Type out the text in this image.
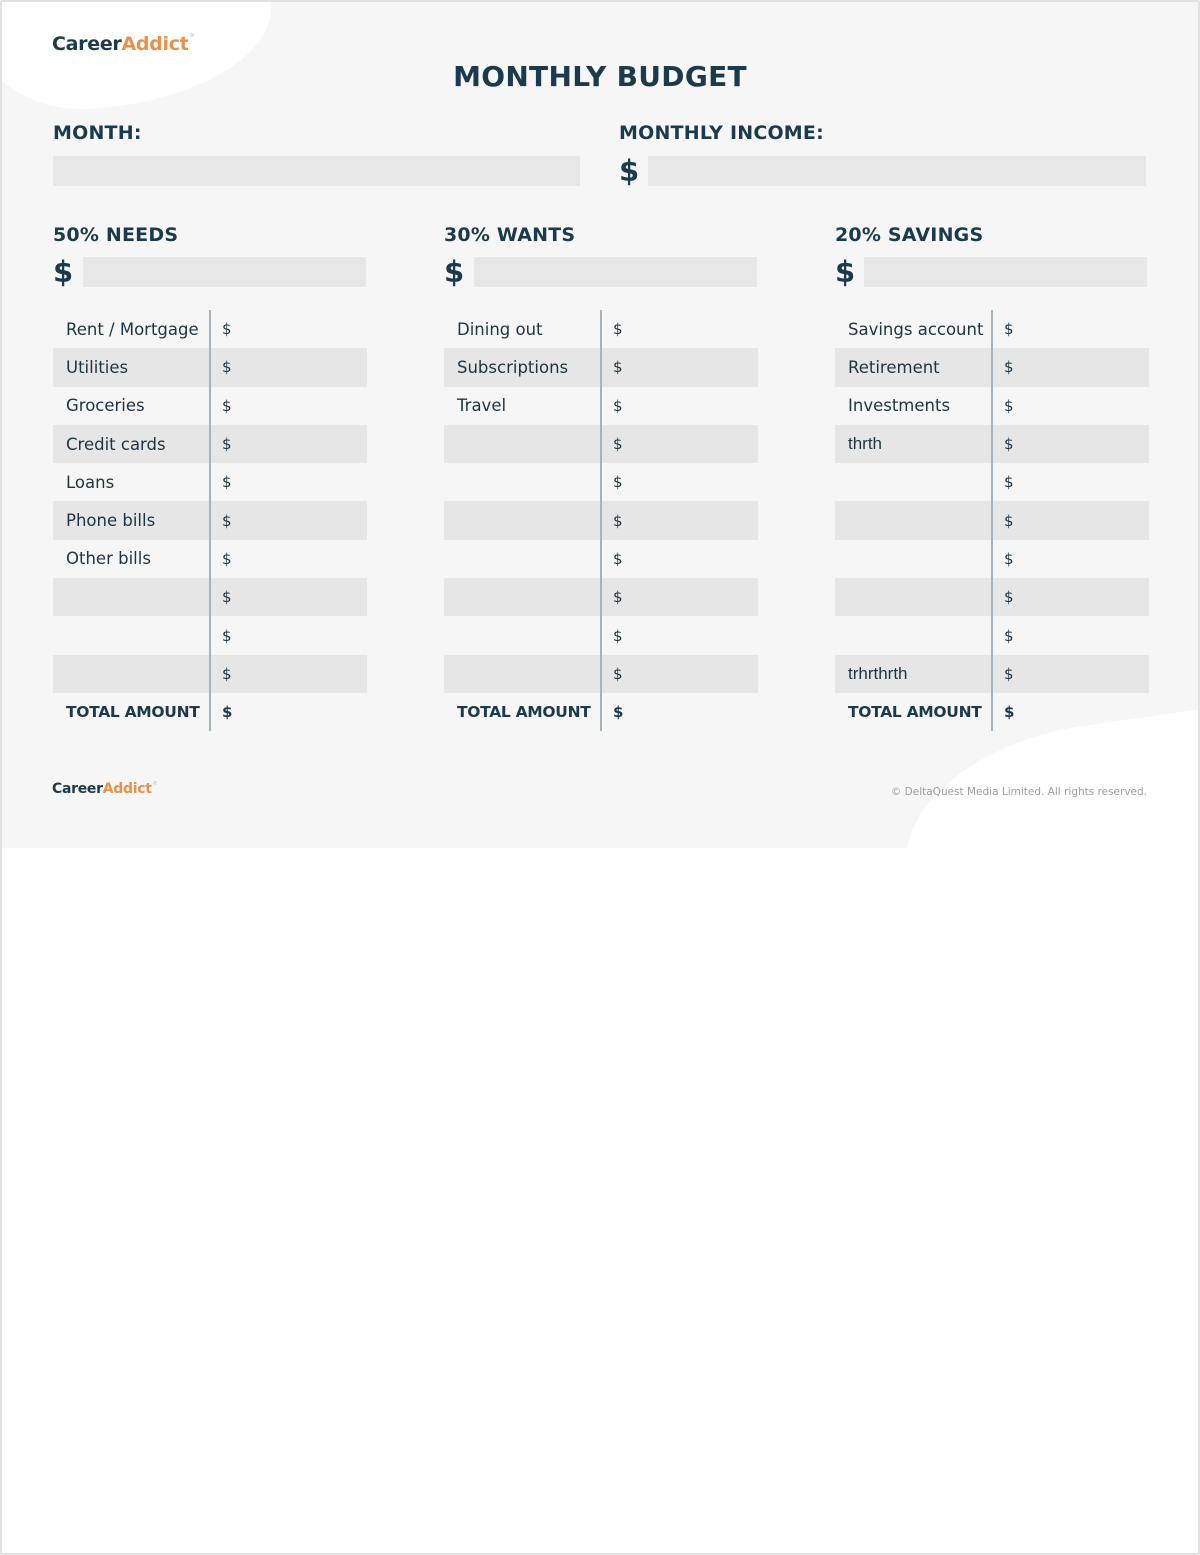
CareerAddict®
MONTHLY BUDGET
MONTH:	MONTHLY INCOME:
$
50% NEEDS
$
Rent / Mortgage	$
Utilities	$
Groceries	$
Credit cards	$
Loans	$
Phone bills	$
Other bills	$
$
$
$
TOTAL AMOUNT	$
30% WANTS
$
Dining out	$
Subscriptions	$
Travel	$
$
$
$
$
$
$
$
TOTAL AMOUNT	$
20% SAVINGS
$
Savings account	$
Retirement	$
Investments	$
thrth	$
$
$
$
$
$
trhrthrth	$
TOTAL AMOUNT	$
CareerAddict®
© DeltaQuest Media Limited. All rights reserved.
